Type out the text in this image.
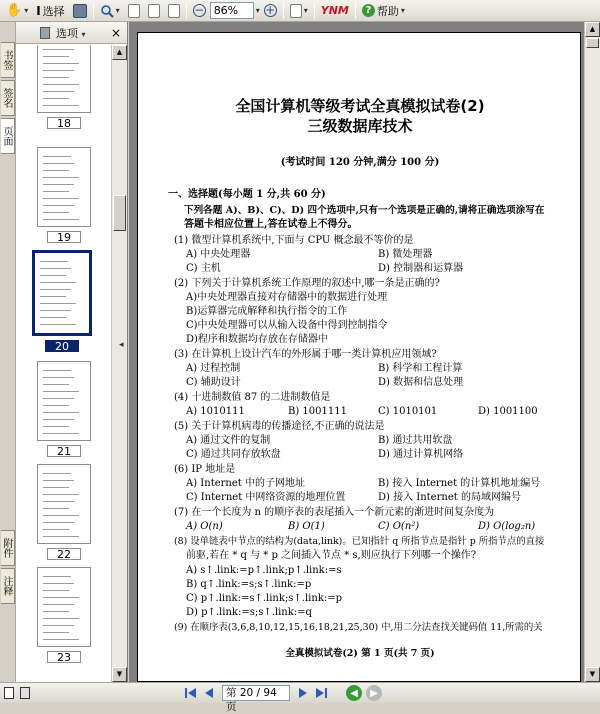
✋ ▾ I 选择	▾	−
86%	▾ +	▾ YNM	? 帮助 ▾
书签
签名
页面
附件
注释
选项 ▾ ×
18
19
20
21
22
23
▲
▼
全国计算机等级考试全真模拟试卷(2)
三级数据库技术
(考试时间 120 分钟,满分 100 分)
一、选择题(每小题 1 分,共 60 分)
下列各题 A)、B)、C)、D) 四个选项中,只有一个选项是正确的,请将正确选项涂写在
答题卡相应位置上,答在试卷上不得分。
(1) 微型计算机系统中,下面与 CPU 概念最不等价的是
A) 中央处理器	B) 微处理器
C) 主机	D) 控制器和运算器
(2) 下列关于计算机系统工作原理的叙述中,哪一条是正确的?
A)中央处理器直接对存储器中的数据进行处理
B)运算器完成解释和执行指令的工作
C)中央处理器可以从输入设备中得到控制指令
D)程序和数据均存放在存储器中
(3) 在计算机上设计汽车的外形属于哪一类计算机应用领域?
A) 过程控制	B) 科学和工程计算
C) 辅助设计	D) 数据和信息处理
(4) 十进制数值 87 的二进制数值是
A) 1010111	B) 1001111	C) 1010101	D) 1001100
(5) 关于计算机病毒的传播途径,不正确的说法是
A) 通过文件的复制	B) 通过共用软盘
C) 通过共同存放软盘	D) 通过计算机网络
(6) IP 地址是
A) Internet 中的子网地址	B) 接入 Internet 的计算机地址编号
C) Internet 中网络资源的地理位置	D) 接入 Internet 的局域网编号
(7) 在一个长度为 n 的顺序表的表尾插入一个新元素的渐进时间复杂度为
A) O(n)	B) O(1)	C) O(n²)	D) O(log₂n)
(8) 设单链表中节点的结构为(data,link)。已知指针 q 所指节点是指针 p 所指节点的直接
前驱,若在 * q 与 * p 之间插入节点 * s,则应执行下列哪一个操作?
A) s↑.link:=p↑.link;p↑.link:=s
B) q↑.link:=s;s↑.link:=p
C) p↑.link:=s↑.link;s↑.link:=p
D) p↑.link:=s;s↑.link:=q
(9) 在顺序表(3,6,8,10,12,15,16,18,21,25,30) 中,用二分法查找关键码值 11,所需的关
全真模拟试卷(2) 第 1 页(共 7 页)
▲
▼
◂
第 20 / 94 页
◀ ▶
